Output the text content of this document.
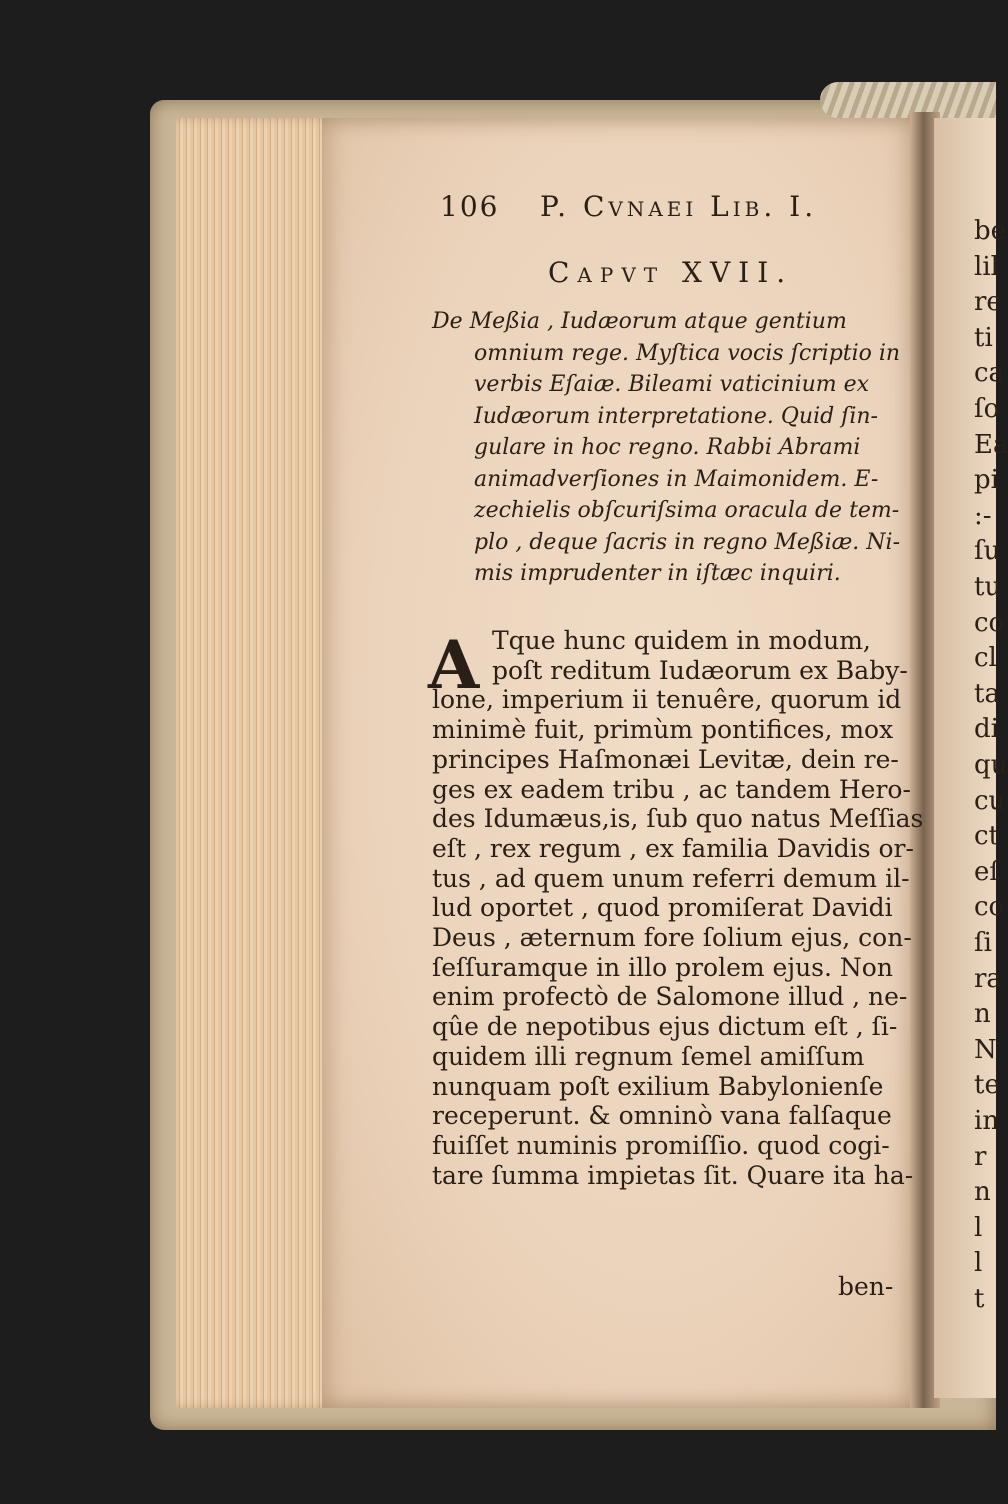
be
lil
re
ti
ca
ſo
Ea
pi
:-
ſu
tu
co
cl
ta
di
qu
cu
ct
eſ
co
ſi
ra
n
N
te
in
r
n
l
l
t
106 P. Cvnaei Lib. I.
Capvt XVII.
De Meßia , Iudæorum atque gentium
omnium rege. Myſtica vocis ſcriptio in
verbis Eſaiæ. Bileami vaticinium ex
Iudæorum interpretatione. Quid ſin-
gulare in hoc regno. Rabbi Abrami
animadverſiones in Maimonidem. E-
zechielis obſcuriſsima oracula de tem-
plo , deque ſacris in regno Meßiæ. Ni-
mis imprudenter in iſtæc inquiri.
A Tque hunc quidem in modum,
poſt reditum Iudæorum ex Baby-
lone, imperium ii tenuêre, quorum id
minimè fuit, primùm pontifices, mox
principes Haſmonæi Levitæ, dein re-
ges ex eadem tribu , ac tandem Hero-
des Idumæus,is, ſub quo natus Meſſias
eſt , rex regum , ex familia Davidis or-
tus , ad quem unum referri demum il-
lud oportet , quod promiſerat Davidi
Deus , æternum fore ſolium ejus, con-
ſeſſuramque in illo prolem ejus. Non
enim profectò de Salomone illud , ne-
qûe de nepotibus ejus dictum eſt , ſi-
quidem illi regnum ſemel amiſſum
nunquam poſt exilium Babylonienſe
receperunt. & omninò vana falſaque
fuiſſet numinis promiſſio. quod cogi-
tare ſumma impietas ſit. Quare ita ha-
ben-
